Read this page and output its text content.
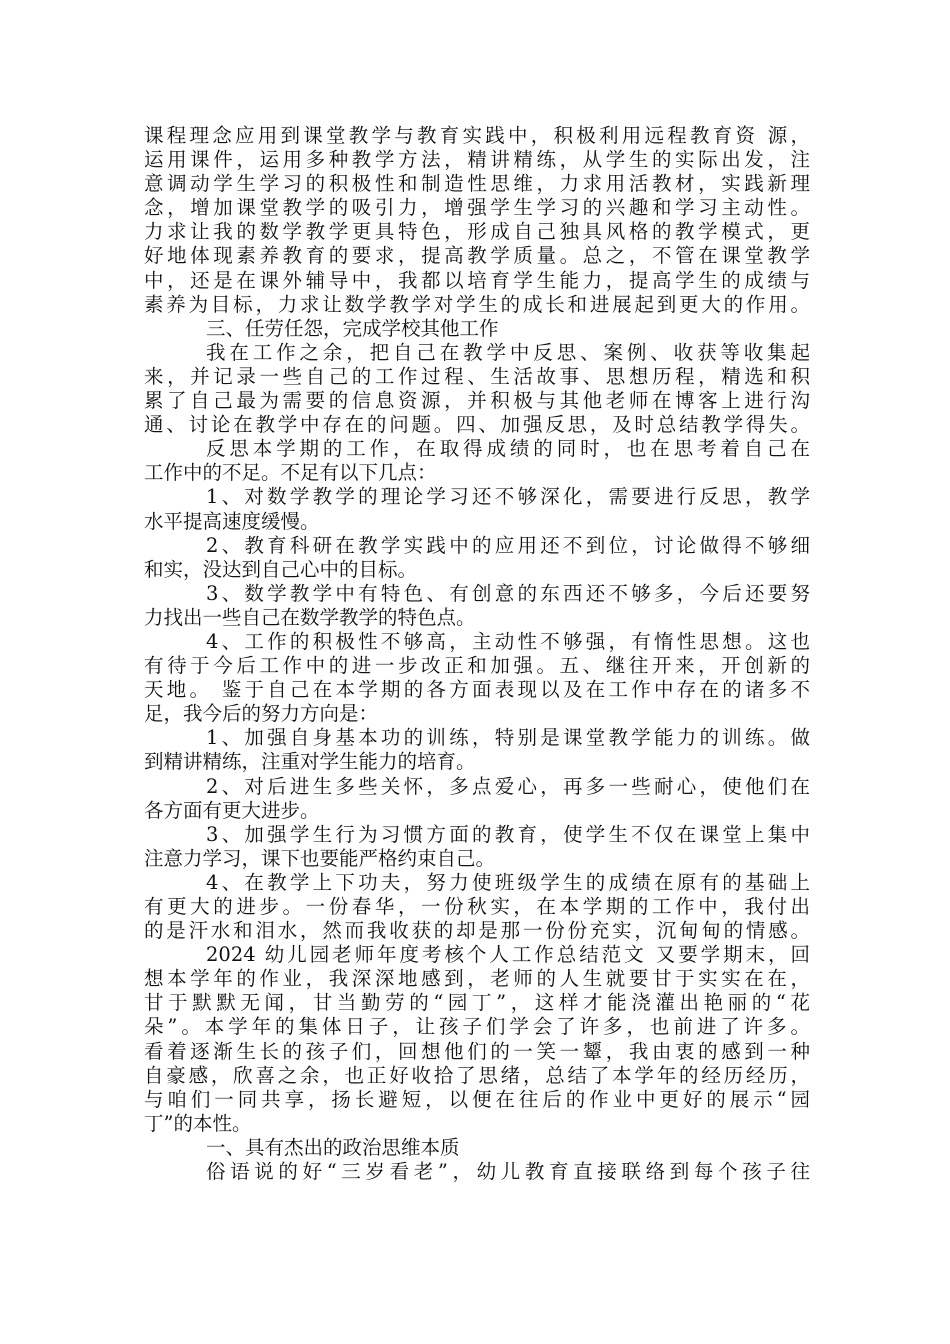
课程理念应用到课堂教学与教育实践中，积极利用远程教育资 源，
运用课件，运用多种教学方法，精讲精练，从学生的实际出发，注
意调动学生学习的积极性和制造性思维，力求用活教材，实践新理
念，增加课堂教学的吸引力，增强学生学习的兴趣和学习主动性。
力求让我的数学教学更具特色，形成自己独具风格的教学模式，更
好地体现素养教育的要求，提高教学质量。总之，不管在课堂教学
中，还是在课外辅导中，我都以培育学生能力，提高学生的成绩与
素养为目标，力求让数学教学对学生的成长和进展起到更大的作用。
三、任劳任怨，完成学校其他工作
我在工作之余，把自己在教学中反思、案例、收获等收集起
来，并记录一些自己的工作过程、生活故事、思想历程，精选和积
累了自己最为需要的信息资源，并积极与其他老师在博客上进行沟
通、讨论在教学中存在的问题。四、加强反思，及时总结教学得失。
反思本学期的工作，在取得成绩的同时，也在思考着自己在
工作中的不足。不足有以下几点：
1、对数学教学的理论学习还不够深化，需要进行反思，教学
水平提高速度缓慢。
2、教育科研在教学实践中的应用还不到位，讨论做得不够细
和实，没达到自己心中的目标。
3、数学教学中有特色、有创意的东西还不够多，今后还要努
力找出一些自己在数学教学的特色点。
4、工作的积极性不够高，主动性不够强，有惰性思想。这也
有待于今后工作中的进一步改正和加强。五、继往开来，开创新的
天地。 鉴于自己在本学期的各方面表现以及在工作中存在的诸多不
足，我今后的努力方向是：
1、加强自身基本功的训练，特别是课堂教学能力的训练。做
到精讲精练，注重对学生能力的培育。
2、对后进生多些关怀，多点爱心，再多一些耐心，使他们在
各方面有更大进步。
3、加强学生行为习惯方面的教育，使学生不仅在课堂上集中
注意力学习，课下也要能严格约束自己。
4、在教学上下功夫，努力使班级学生的成绩在原有的基础上
有更大的进步。一份春华，一份秋实，在本学期的工作中，我付出
的是汗水和泪水，然而我收获的却是那一份份充实，沉甸甸的情感。
2024 幼儿园老师年度考核个人工作总结范文 又要学期末，回
想本学年的作业，我深深地感到，老师的人生就要甘于实实在在，
甘于默默无闻，甘当勤劳的“园丁”，这样才能浇灌出艳丽的“花
朵”。本学年的集体日子，让孩子们学会了许多，也前进了许多。
看着逐渐生长的孩子们，回想他们的一笑一颦，我由衷的感到一种
自豪感，欣喜之余，也正好收拾了思绪，总结了本学年的经历经历，
与咱们一同共享，扬长避短，以便在往后的作业中更好的展示“园
丁”的本性。
一、具有杰出的政治思维本质
俗语说的好“三岁看老”，幼儿教育直接联络到每个孩子往
